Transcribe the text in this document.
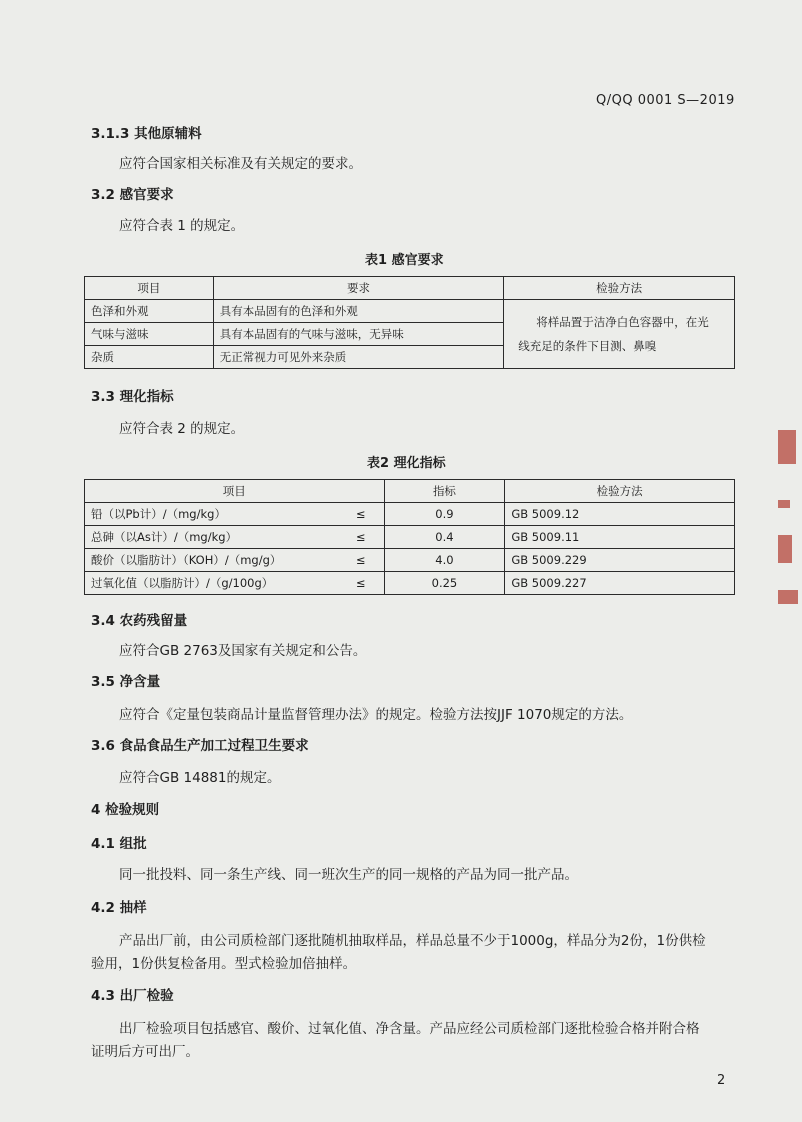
Q/QQ 0001 S—2019
3.1.3 其他原辅料
应符合国家相关标准及有关规定的要求。
3.2 感官要求
应符合表 1 的规定。
表1 感官要求
项目	要求	检验方法
色泽和外观	具有本品固有的色泽和外观	将样品置于洁净白色容器中，在光
线充足的条件下目测、鼻嗅

气味与滋味	具有本品固有的气味与滋味，无异味	
杂质	无正常视力可见外来杂质	
3.3 理化指标
应符合表 2 的规定。
表2 理化指标
项目		指标	检验方法
铅（以Pb计）/（mg/kg）	≤	0.9	GB 5009.12
总砷（以As计）/（mg/kg）	≤	0.4	GB 5009.11
酸价（以脂肪计）（KOH）/（mg/g）	≤	4.0	GB 5009.229
过氧化值（以脂肪计）/（g/100g）	≤	0.25	GB 5009.227
3.4 农药残留量
应符合GB 2763及国家有关规定和公告。
3.5 净含量
应符合《定量包装商品计量监督管理办法》的规定。检验方法按JJF 1070规定的方法。
3.6 食品食品生产加工过程卫生要求
应符合GB 14881的规定。
4 检验规则
4.1 组批
同一批投料、同一条生产线、同一班次生产的同一规格的产品为同一批产品。
4.2 抽样
产品出厂前，由公司质检部门逐批随机抽取样品，样品总量不少于1000g，样品分为2份，1份供检
验用，1份供复检备用。型式检验加倍抽样。
4.3 出厂检验
出厂检验项目包括感官、酸价、过氧化值、净含量。产品应经公司质检部门逐批检验合格并附合格
证明后方可出厂。
2
